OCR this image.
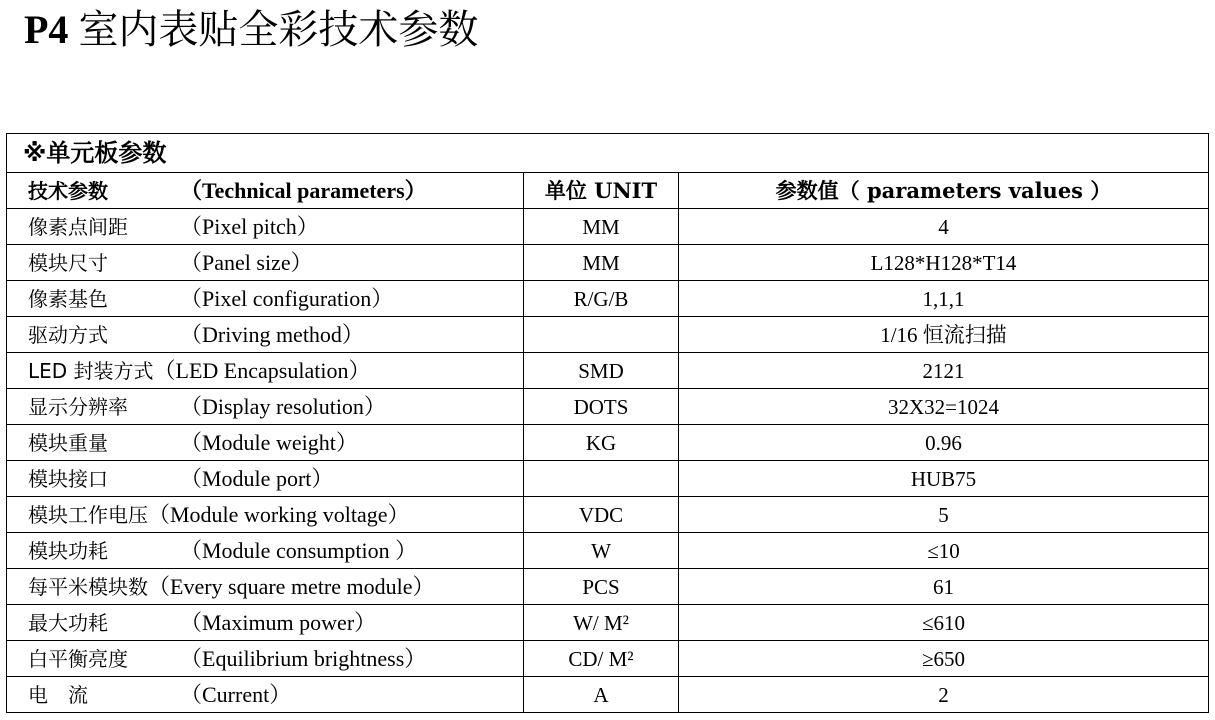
P4 室内表贴全彩技术参数
※单元板参数		
技术参数 （Technical parameters）	单位 UNIT	参数值（ parameters values ）
像素点间距 （Pixel pitch）	MM	4
模块尺寸 （Panel size）	MM	L128*H128*T14
像素基色 （Pixel configuration）	R/G/B	1,1,1
驱动方式 （Driving method）		1/16 恒流扫描
LED 封装方式（LED Encapsulation）	SMD	2121
显示分辨率 （Display resolution）	DOTS	32X32=1024
模块重量 （Module weight）	KG	0.96
模块接口 （Module port）		HUB75
模块工作电压（Module working voltage）	VDC	5
模块功耗 （Module consumption ）	W	≤10
每平米模块数（Every square metre module）	PCS	61
最大功耗 （Maximum power）	W/ M²	≤610
白平衡亮度 （Equilibrium brightness）	CD/ M²	≥650
电　流 （Current）	A	2
